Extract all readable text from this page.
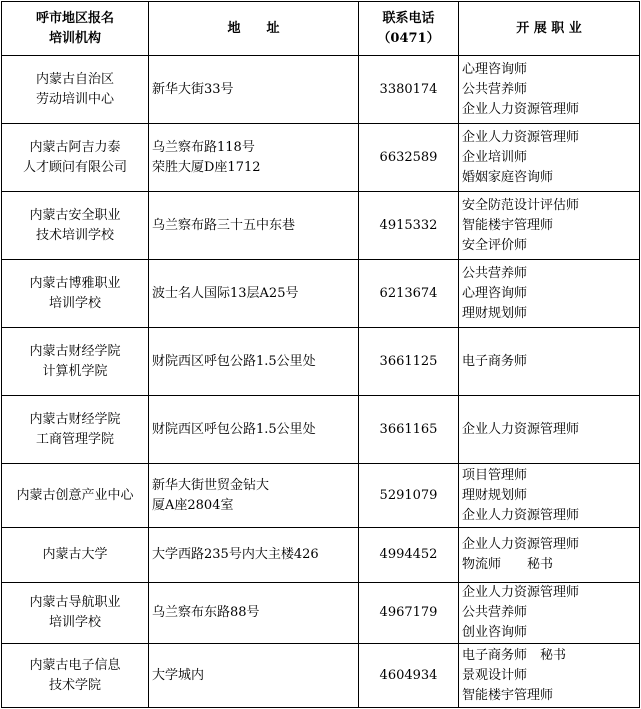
呼市地区报名
培训机构	地　　址	联系电话
（0471）	开 展 职 业

内蒙古自治区
劳动培训中心	新华大街33号	3380174	心理咨询师
公共营养师
企业人力资源管理师

内蒙古阿吉力泰
人才顾问有限公司	乌兰察布路118号
荣胜大厦D座1712	6632589	企业人力资源管理师
企业培训师
婚姻家庭咨询师

内蒙古安全职业
技术培训学校	乌兰察布路三十五中东巷	4915332	安全防范设计评估师
智能楼宇管理师
安全评价师

内蒙古博雅职业
培训学校	波士名人国际13层A25号	6213674	公共营养师
心理咨询师
理财规划师

内蒙古财经学院
计算机学院	财院西区呼包公路1.5公里处	3661125	电子商务师

内蒙古财经学院
工商管理学院	财院西区呼包公路1.5公里处	3661165	企业人力资源管理师

内蒙古创意产业中心	新华大街世贸金钻大
厦A座2804室	5291079	项目管理师
理财规划师
企业人力资源管理师

内蒙古大学	大学西路235号内大主楼426	4994452	企业人力资源管理师
物流师　　秘书

内蒙古导航职业
培训学校	乌兰察布东路88号	4967179	企业人力资源管理师
公共营养师
创业咨询师

内蒙古电子信息
技术学院	大学城内	4604934	电子商务师　秘书
景观设计师
智能楼宇管理师
